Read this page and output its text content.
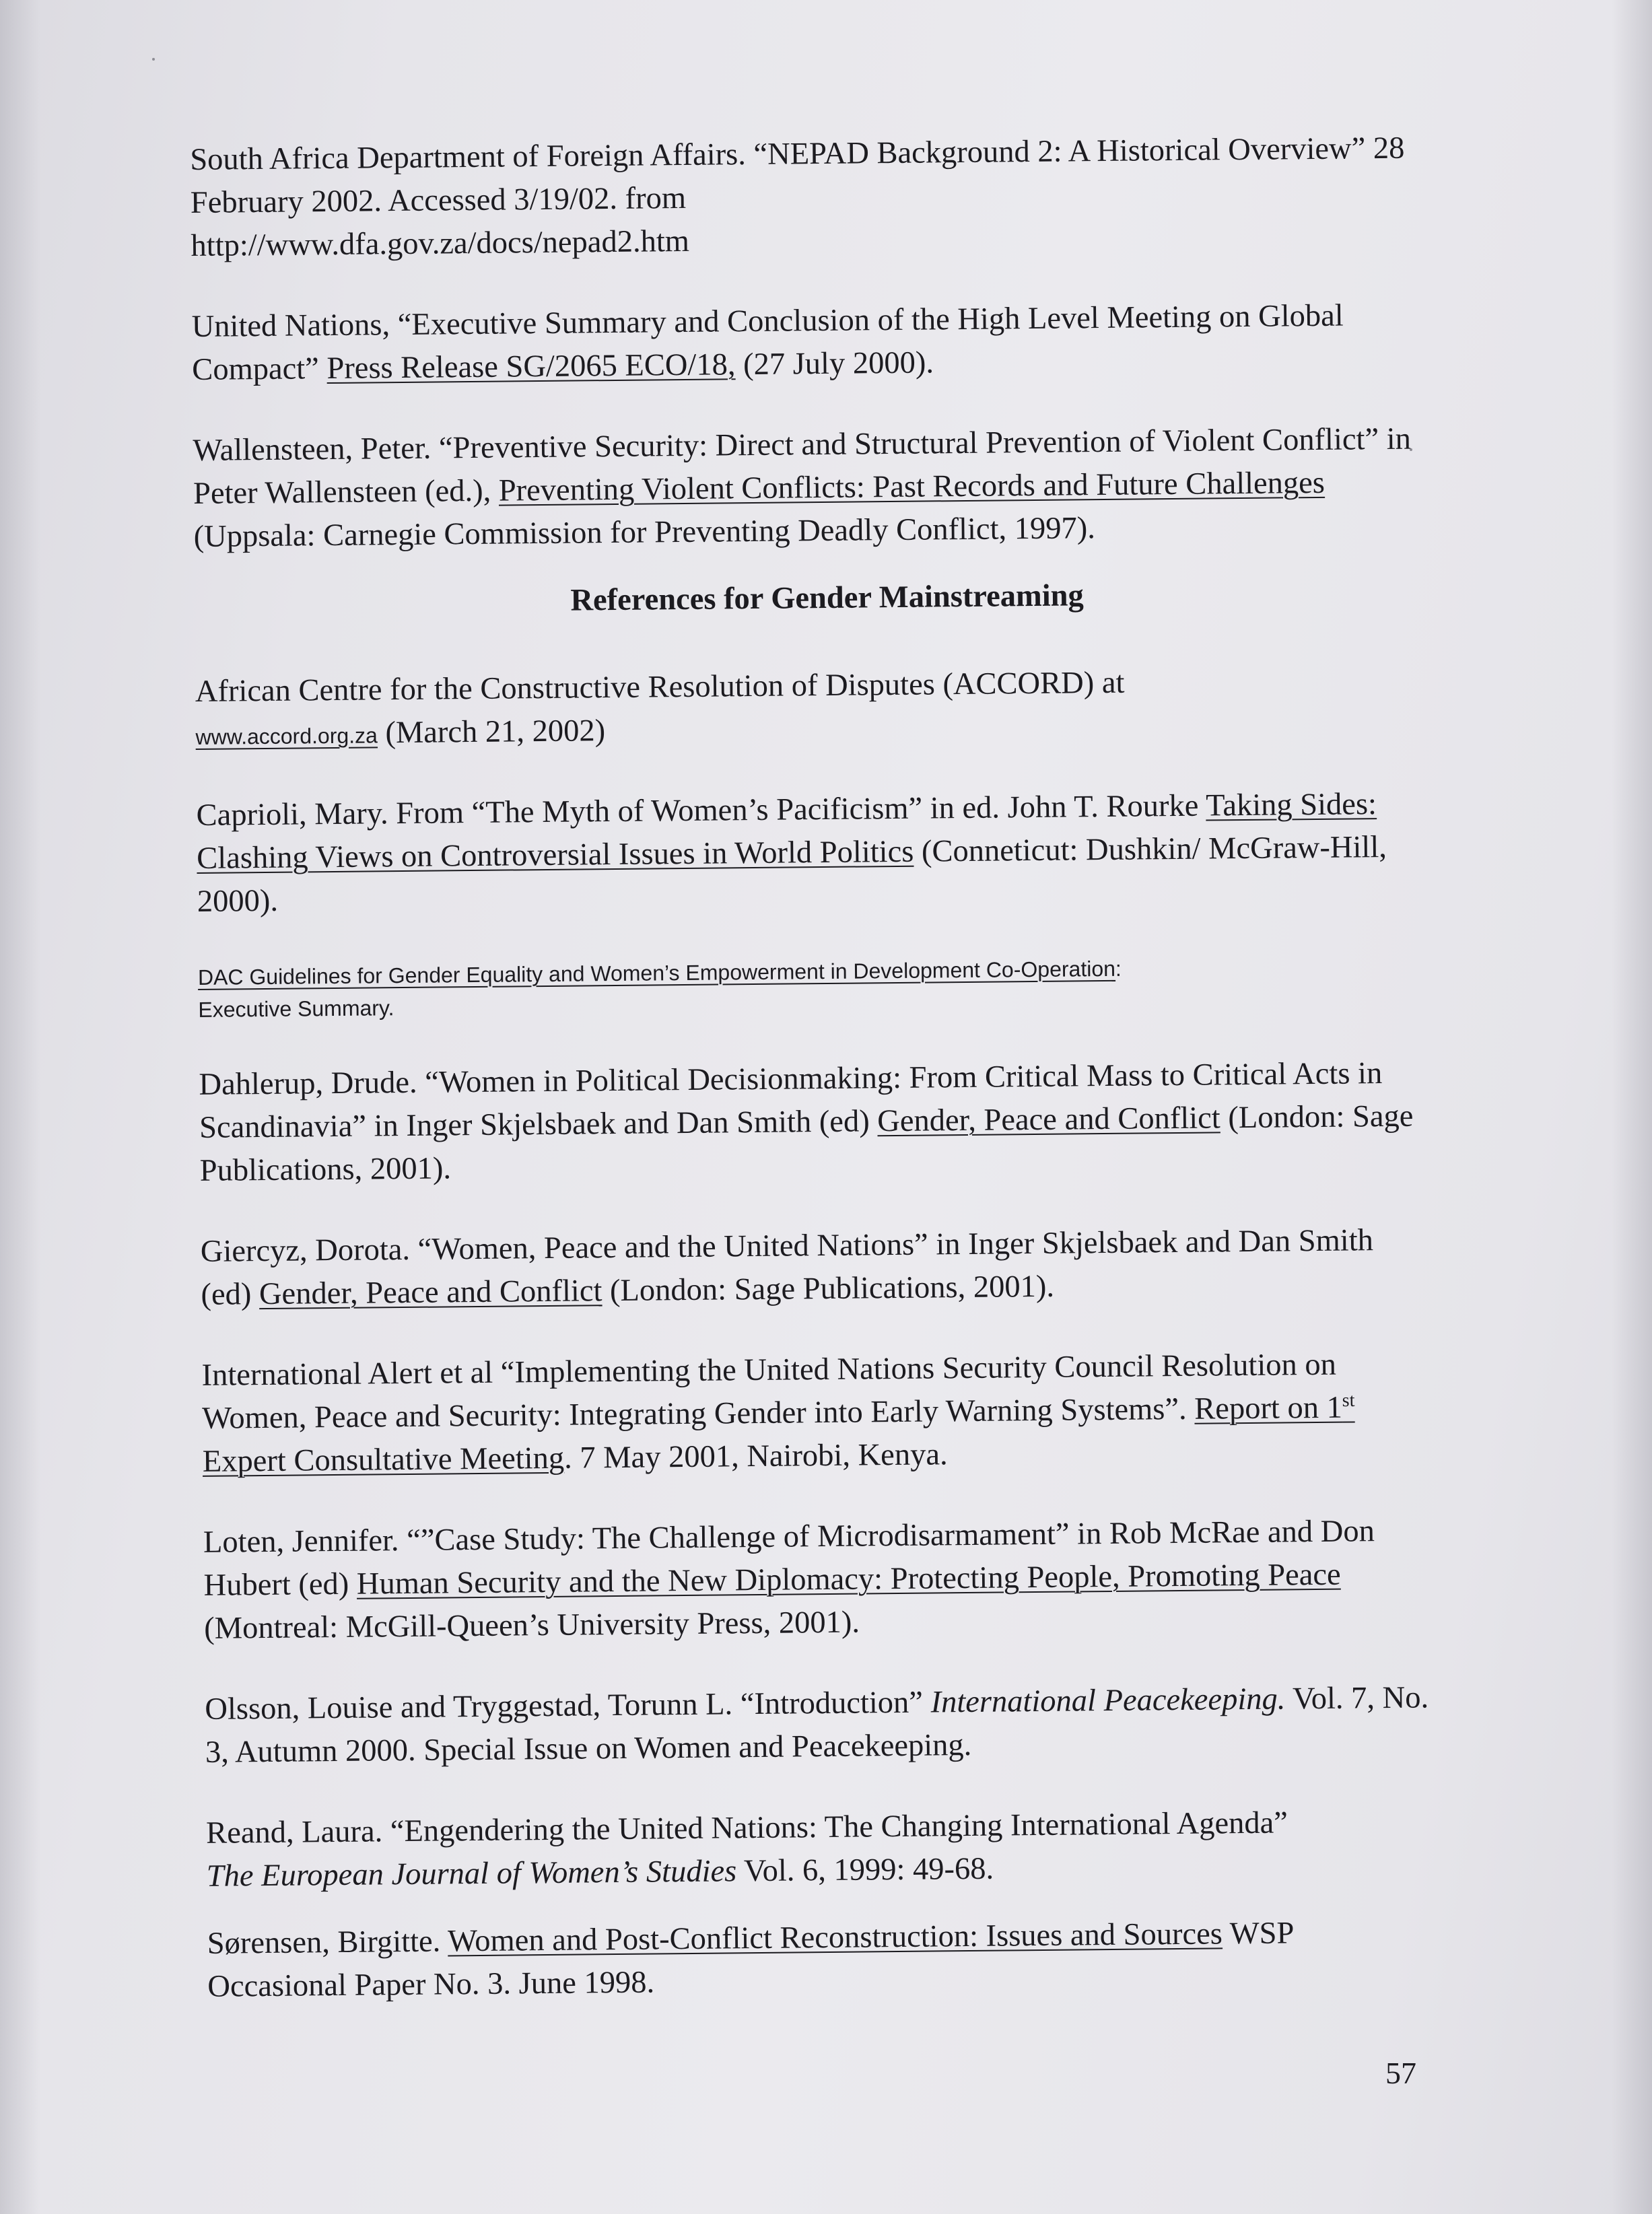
South Africa Department of Foreign Affairs. “NEPAD Background 2: A Historical Overview” 28 February 2002. Accessed 3/19/02. from
http://www.dfa.gov.za/docs/nepad2.htm

United Nations, “Executive Summary and Conclusion of the High Level Meeting on Global Compact” Press Release SG/2065 ECO/18, (27 July 2000).

Wallensteen, Peter. “Preventive Security: Direct and Structural Prevention of Violent Conflict” in Peter Wallensteen (ed.), Preventing Violent Conflicts: Past Records and Future Challenges (Uppsala: Carnegie Commission for Preventing Deadly Conflict, 1997).

References for Gender Mainstreaming

African Centre for the Constructive Resolution of Disputes (ACCORD) at
www.accord.org.za (March 21, 2002)

Caprioli, Mary. From “The Myth of Women’s Pacificism” in ed. John T. Rourke Taking Sides: Clashing Views on Controversial Issues in World Politics (Conneticut: Dushkin/ McGraw-Hill, 2000).

DAC Guidelines for Gender Equality and Women’s Empowerment in Development Co-Operation:
Executive Summary.

Dahlerup, Drude. “Women in Political Decisionmaking: From Critical Mass to Critical Acts in Scandinavia” in Inger Skjelsbaek and Dan Smith (ed) Gender, Peace and Conflict (London: Sage Publications, 2001).

Giercyz, Dorota. “Women, Peace and the United Nations” in Inger Skjelsbaek and Dan Smith (ed) Gender, Peace and Conflict (London: Sage Publications, 2001).

International Alert et al “Implementing the United Nations Security Council Resolution on Women, Peace and Security: Integrating Gender into Early Warning Systems”. Report on 1st Expert Consultative Meeting. 7 May 2001, Nairobi, Kenya.

Loten, Jennifer. “”Case Study: The Challenge of Microdisarmament” in Rob McRae and Don Hubert (ed) Human Security and the New Diplomacy: Protecting People, Promoting Peace (Montreal: McGill-Queen’s University Press, 2001).

Olsson, Louise and Tryggestad, Torunn L. “Introduction” International Peacekeeping. Vol. 7, No. 3, Autumn 2000. Special Issue on Women and Peacekeeping.

Reand, Laura. “Engendering the United Nations: The Changing International Agenda”
The European Journal of Women’s Studies Vol. 6, 1999: 49-68.

Sørensen, Birgitte. Women and Post-Conflict Reconstruction: Issues and Sources WSP Occasional Paper No. 3. June 1998.

57
